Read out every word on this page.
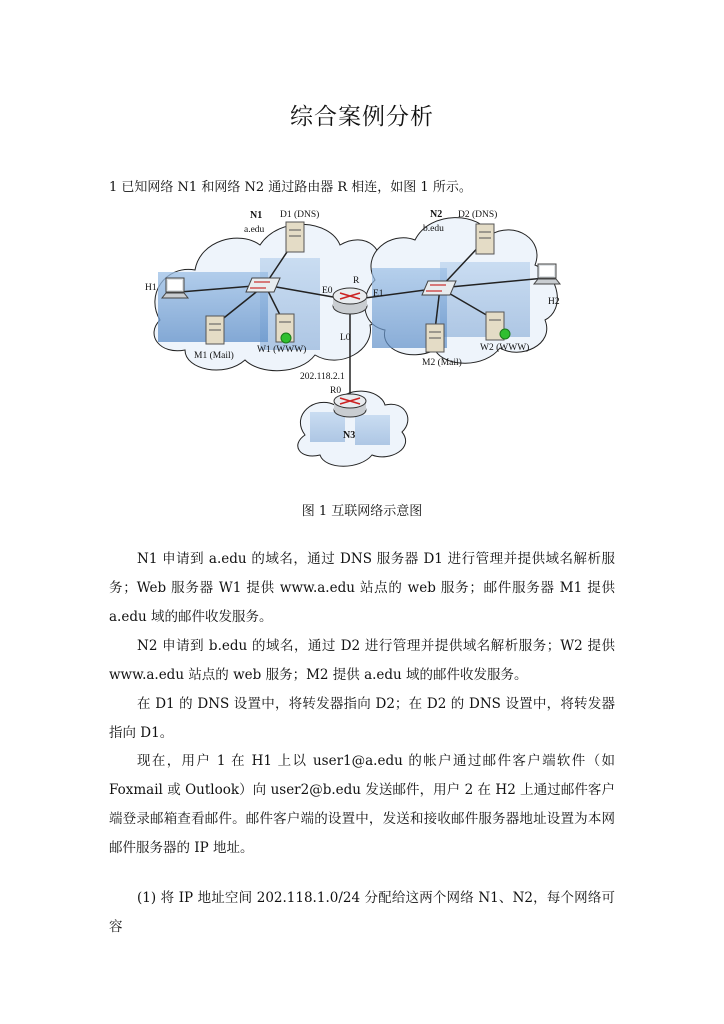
综合案例分析
1 已知网络 N1 和网络 N2 通过路由器 R 相连，如图 1 所示。
N1
a.edu
D1 (DNS)	N2
b.edu
D2 (DNS)
H1
H2
R
E0	E1
L0
M1 (Mail)
W1 (WWW)
M2 (Mail)
W2 (WWW)
202.118.2.1
R0
N3
图 1 互联网络示意图

N1 申请到 a.edu 的域名，通过 DNS 服务器 D1 进行管理并提供域名解析服务；Web 服务器 W1 提供 www.a.edu 站点的 web 服务；邮件服务器 M1 提供 a.edu 域的邮件收发服务。

N2 申请到 b.edu 的域名，通过 D2 进行管理并提供域名解析服务；W2 提供 www.a.edu 站点的 web 服务；M2 提供 a.edu 域的邮件收发服务。

在 D1 的 DNS 设置中，将转发器指向 D2；在 D2 的 DNS 设置中，将转发器指向 D1。

现在，用户 1 在 H1 上以 user1@a.edu 的帐户通过邮件客户端软件（如 Foxmail 或 Outlook）向 user2@b.edu 发送邮件，用户 2 在 H2 上通过邮件客户端登录邮箱查看邮件。邮件客户端的设置中，发送和接收邮件服务器地址设置为本网邮件服务器的 IP 地址。

(1) 将 IP 地址空间 202.118.1.0/24 分配给这两个网络 N1、N2，每个网络可容
